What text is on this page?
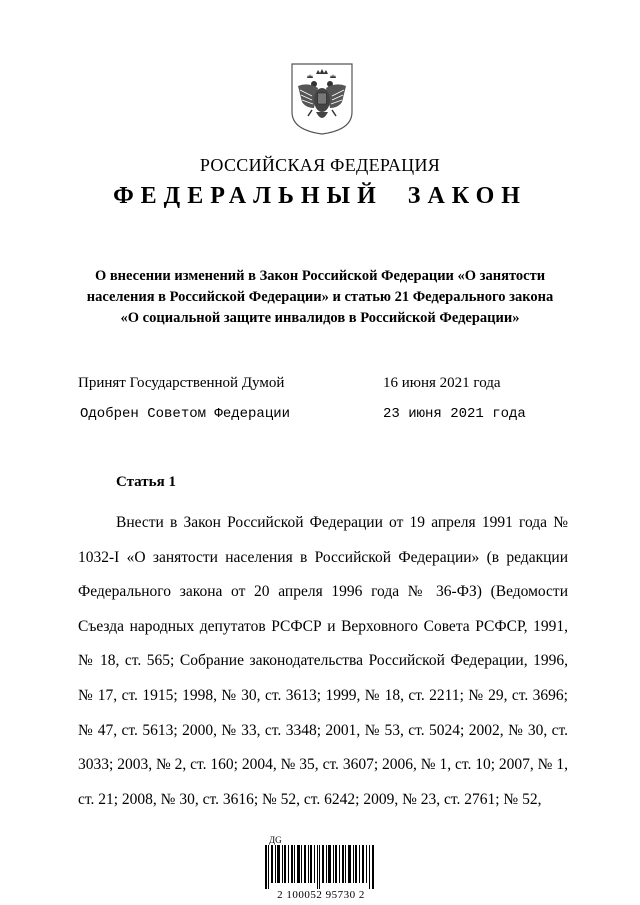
РОССИЙСКАЯ ФЕДЕРАЦИЯ
ФЕДЕРАЛЬНЫЙ ЗАКОН
О внесении изменений в Закон Российской Федерации «О занятости
населения в Российской Федерации» и статью 21 Федерального закона
«О социальной защите инвалидов в Российской Федерации»
Принят Государственной Думой	16 июня 2021 года
Одобрен Советом Федерации	23 июня 2021 года
Статья 1

Внести в Закон Российской Федерации от 19 апреля 1991 года № 1032-I «О занятости населения в Российской Федерации» (в редакции Федерального закона от 20 апреля 1996 года № 36-ФЗ) (Ведомости Съезда народных депутатов РСФСР и Верховного Совета РСФСР, 1991, № 18, ст. 565; Собрание законодательства Российской Федерации, 1996, № 17, ст. 1915; 1998, № 30, ст. 3613; 1999, № 18, ст. 2211; № 29, ст. 3696; № 47, ст. 5613; 2000, № 33, ст. 3348; 2001, № 53, ст. 5024; 2002, № 30, ст. 3033; 2003, № 2, ст. 160; 2004, № 35, ст. 3607; 2006, № 1, ст. 10; 2007, № 1, ст. 21; 2008, № 30, ст. 3616; № 52, ст. 6242; 2009, № 23, ст. 2761; № 52,

ДG
2 100052 95730 2
